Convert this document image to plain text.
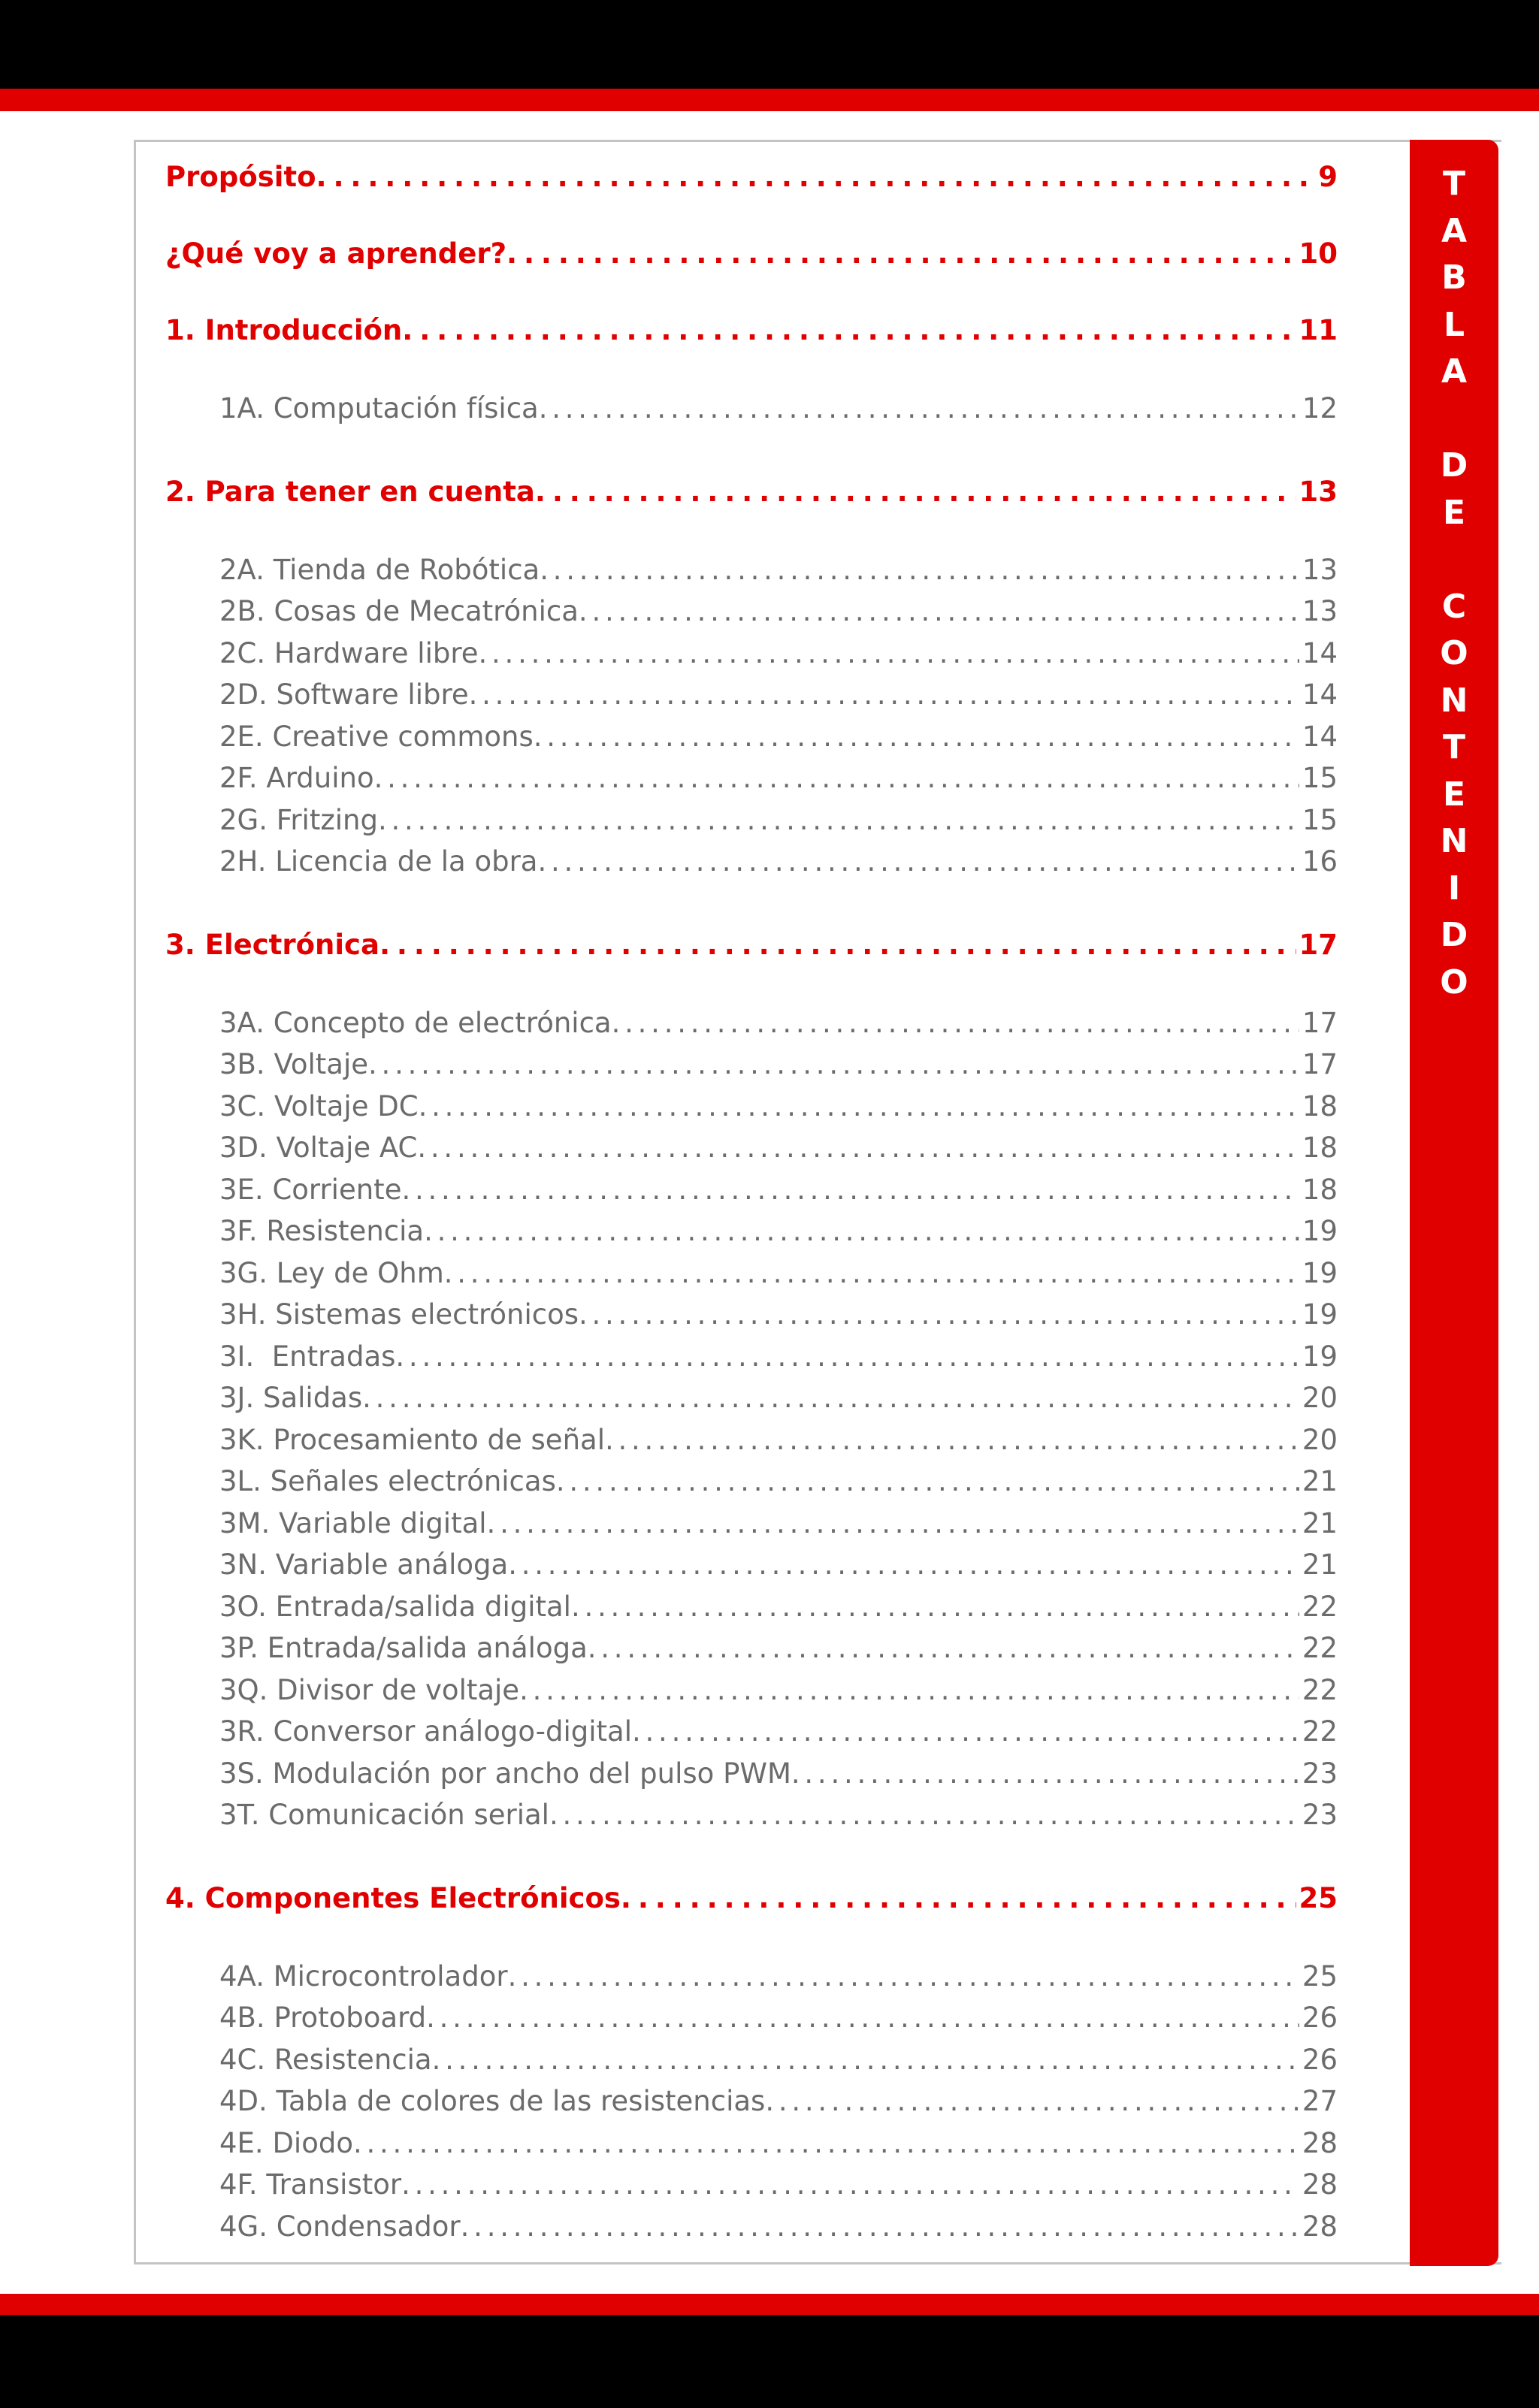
T
A
B
L
A
D
E
C
O
N
T
E
N
I
D
O
Propósito . . .	9
¿Qué voy a aprender? . . .	10
1. Introducción . . .	11
1A. Computación física . . .	12
2. Para tener en cuenta . . .	13
2A. Tienda de Robótica . . .	13
2B. Cosas de Mecatrónica . . .	13
2C. Hardware libre . . .	14
2D. Software libre . . .	14
2E. Creative commons . . .	14
2F. Arduino . . .	15
2G. Fritzing . . .	15
2H. Licencia de la obra . . .	16
3. Electrónica . . .	17
3A. Concepto de electrónica . . .	17
3B. Voltaje . . .	17
3C. Voltaje DC . . .	18
3D. Voltaje AC . . .	18
3E. Corriente . . .	18
3F. Resistencia . . .	19
3G. Ley de Ohm . . .	19
3H. Sistemas electrónicos . . .	19
3I.  Entradas . . .	19
3J. Salidas . . .	20
3K. Procesamiento de señal . . .	20
3L. Señales electrónicas . . .	21
3M. Variable digital . . .	21
3N. Variable análoga . . .	21
3O. Entrada/salida digital . . .	22
3P. Entrada/salida análoga . . .	22
3Q. Divisor de voltaje . . .	22
3R. Conversor análogo-digital . . .	22
3S. Modulación por ancho del pulso PWM . . .	23
3T. Comunicación serial . . .	23
4. Componentes Electrónicos . . .	25
4A. Microcontrolador . . .	25
4B. Protoboard . . .	26
4C. Resistencia . . .	26
4D. Tabla de colores de las resistencias . . .	27
4E. Diodo . . .	28
4F. Transistor . . .	28
4G. Condensador . . .	28
